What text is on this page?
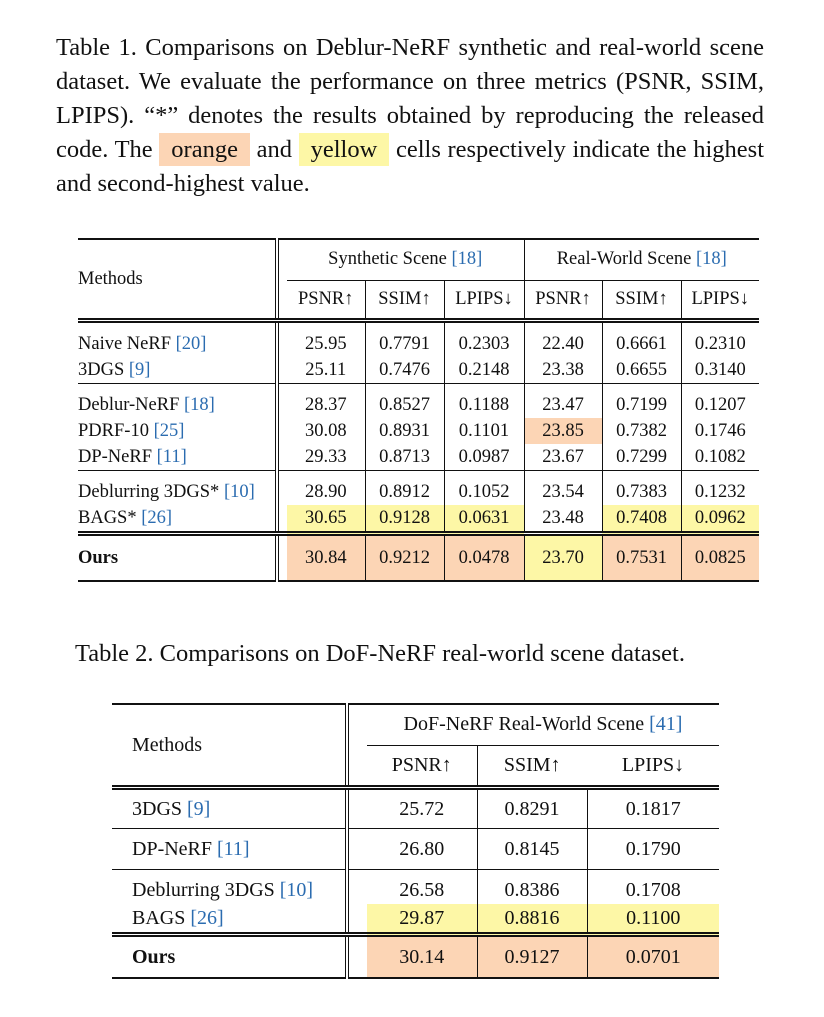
Table 1. Comparisons on Deblur-NeRF synthetic and real-world scene dataset. We evaluate the performance on three metrics (PSNR, SSIM, LPIPS). “*” denotes the results obtained by reproducing the released code. The orange and yellow cells respectively indicate the highest and second-highest value.
Methods		Synthetic Scene [18]			Real-World Scene [18]		
		PSNR↑	SSIM↑	LPIPS↓	PSNR↑	SSIM↑	LPIPS↓
Naive NeRF [20]		25.95	0.7791	0.2303	22.40	0.6661	0.2310
3DGS [9]		25.11	0.7476	0.2148	23.38	0.6655	0.3140
Deblur-NeRF [18]		28.37	0.8527	0.1188	23.47	0.7199	0.1207
PDRF-10 [25]		30.08	0.8931	0.1101	23.85	0.7382	0.1746
DP-NeRF [11]		29.33	0.8713	0.0987	23.67	0.7299	0.1082
Deblurring 3DGS* [10]		28.90	0.8912	0.1052	23.54	0.7383	0.1232
BAGS* [26]		30.65	0.9128	0.0631	23.48	0.7408	0.0962
Ours		30.84	0.9212	0.0478	23.70	0.7531	0.0825
Table 2. Comparisons on DoF-NeRF real-world scene dataset.
Methods		DoF-NeRF Real-World Scene [41]		
		PSNR↑	SSIM↑	LPIPS↓
3DGS [9]		25.72	0.8291	0.1817
DP-NeRF [11]		26.80	0.8145	0.1790
Deblurring 3DGS [10]		26.58	0.8386	0.1708
BAGS [26]		29.87	0.8816	0.1100
Ours		30.14	0.9127	0.0701
